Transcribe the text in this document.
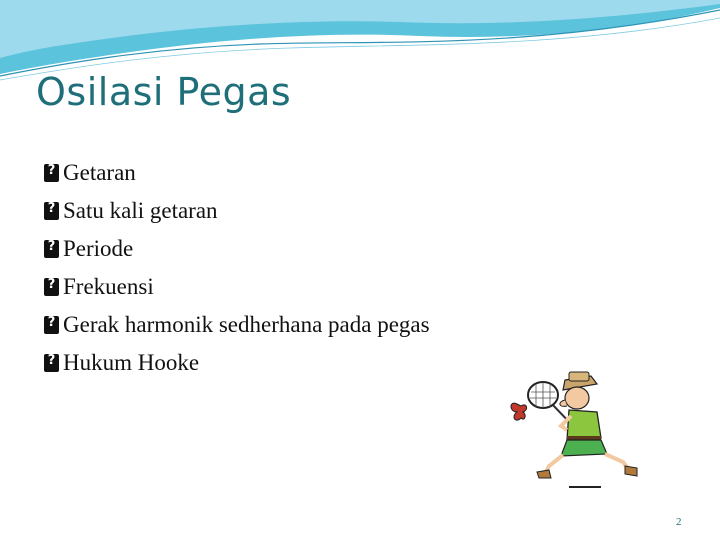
Osilasi Pegas
?
Getaran
?
Satu kali getaran
?
Periode
?
Frekuensi
?
Gerak harmonik sedherhana pada pegas
?
Hukum Hooke
2
